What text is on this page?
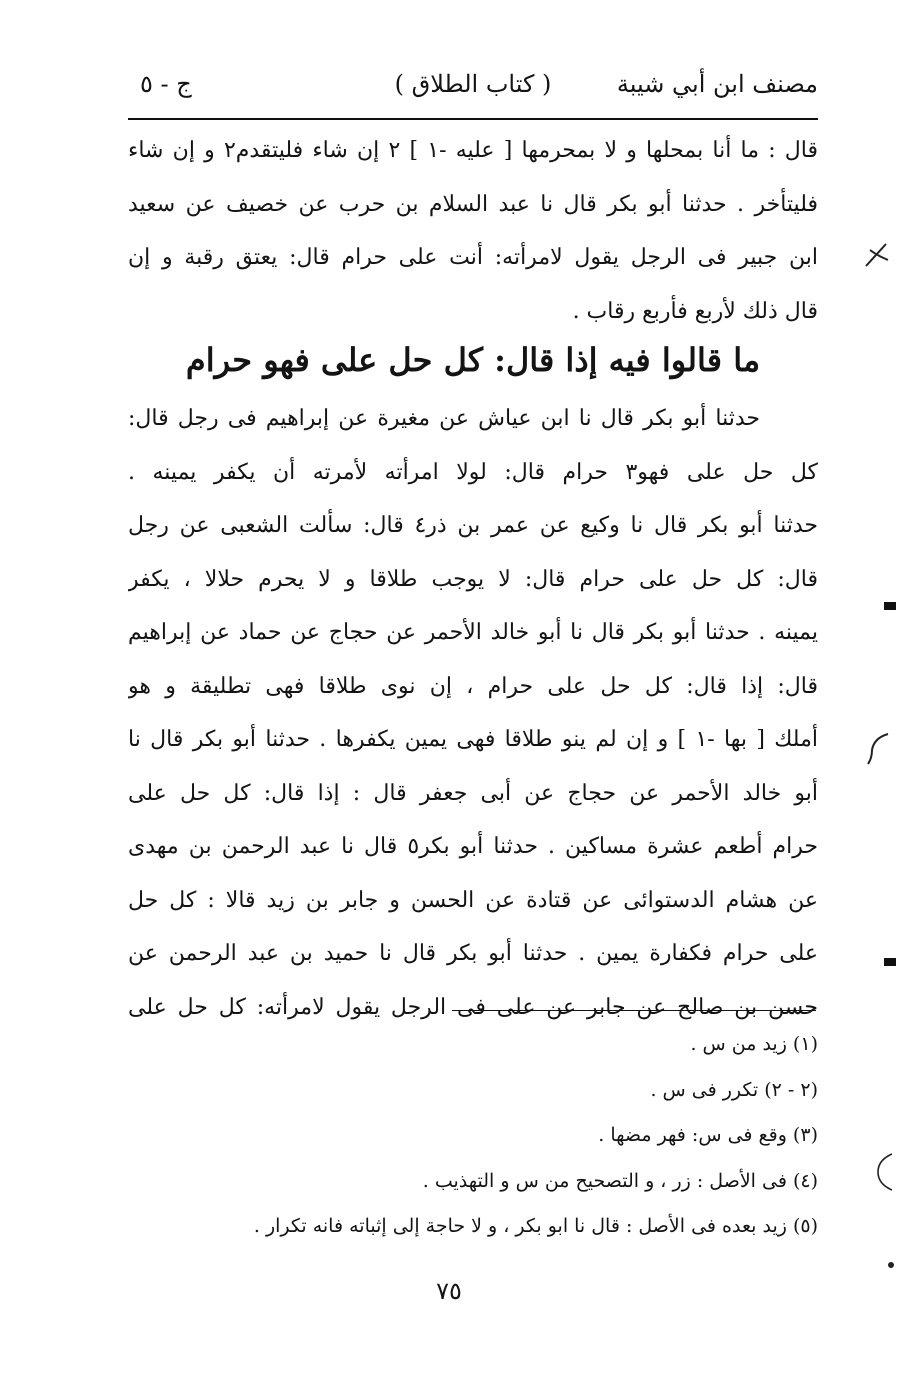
مصنف ابن أبي شيبة
( كتاب الطلاق )
ج - ٥
قال : ما أنا بمحلها و لا بمحرمها [ عليه -١ ] ٢ إن شاء فليتقدم٢ و إن شاء
فليتأخر . حدثنا أبو بكر قال نا عبد السلام بن حرب عن خصيف عن سعيد
ابن جبير فى الرجل يقول لامرأته: أنت على حرام قال: يعتق رقبة و إن
قال ذلك لأربع فأربع رقاب .
ما قالوا فيه إذا قال: كل حل على فهو حرام
حدثنا أبو بكر قال نا ابن عياش عن مغيرة عن إبراهيم فى رجل قال:
كل حل على فهو٣ حرام قال: لولا امرأته لأمرته أن يكفر يمينه .
حدثنا أبو بكر قال نا وكيع عن عمر بن ذر٤ قال: سألت الشعبى عن رجل
قال: كل حل على حرام قال: لا يوجب طلاقا و لا يحرم حلالا ، يكفر
يمينه . حدثنا أبو بكر قال نا أبو خالد الأحمر عن حجاج عن حماد عن إبراهيم
قال: إذا قال: كل حل على حرام ، إن نوى طلاقا فهى تطليقة و هو
أملك [ بها -١ ] و إن لم ينو طلاقا فهى يمين يكفرها . حدثنا أبو بكر قال نا
أبو خالد الأحمر عن حجاج عن أبى جعفر قال : إذا قال: كل حل على
حرام أطعم عشرة مساكين . حدثنا أبو بكر٥ قال نا عبد الرحمن بن مهدى
عن هشام الدستوائى عن قتادة عن الحسن و جابر بن زيد قالا : كل حل
على حرام فكفارة يمين . حدثنا أبو بكر قال نا حميد بن عبد الرحمن عن
حسن بن صالح عن جابر عن على فى الرجل يقول لامرأته: كل حل على
(١) زيد من س .
(٢ - ٢) تكرر فى س .
(٣) وقع فى س: فهر مضها .
(٤) فى الأصل : زر ، و التصحيح من س و التهذيب .
(٥) زيد بعده فى الأصل : قال نا ابو بكر ، و لا حاجة إلى إثباته فانه تكرار .
٧٥
